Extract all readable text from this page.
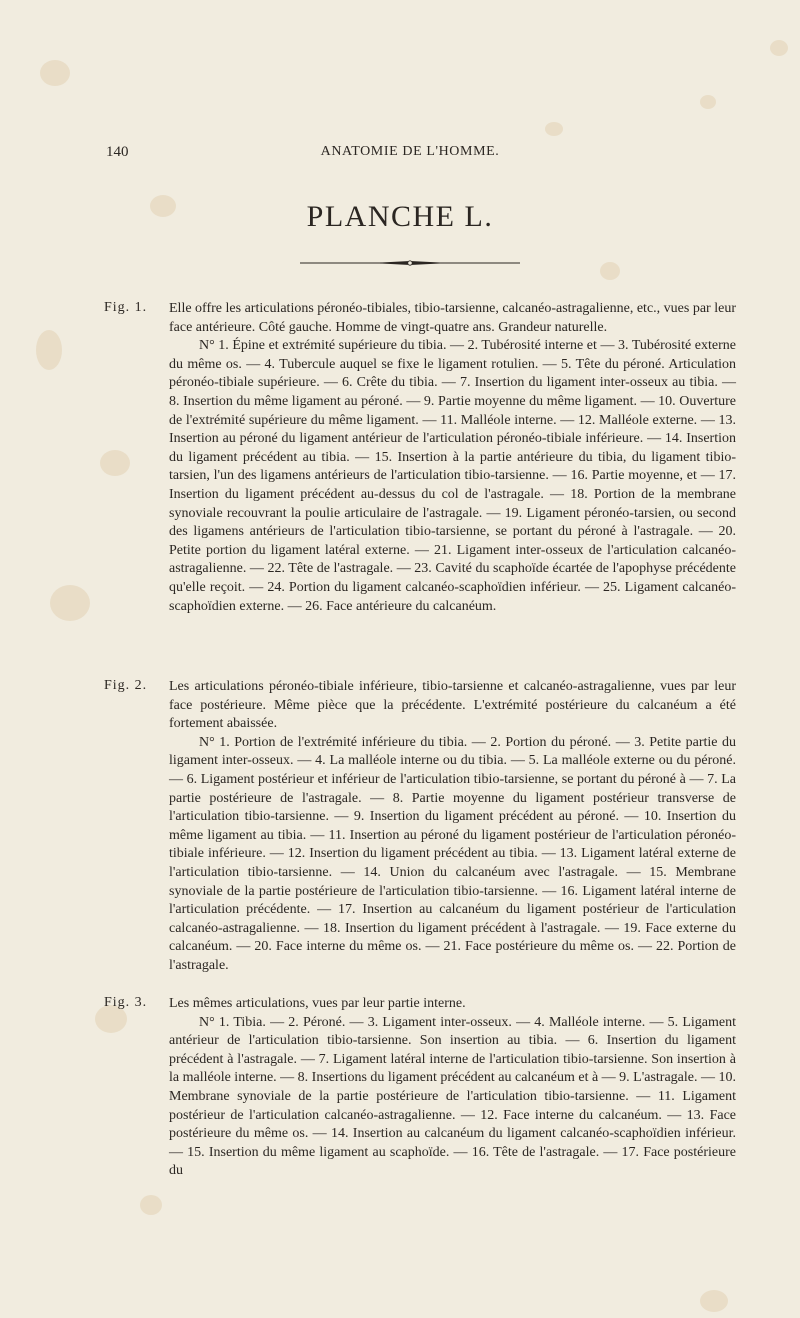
140	ANATOMIE DE L'HOMME.
PLANCHE L.
Fig. 1. Elle offre les articulations péronéo-tibiales, tibio-tarsienne, calcanéo-astragalienne, etc., vues par leur face antérieure. Côté gauche. Homme de vingt-quatre ans. Grandeur naturelle.

N° 1. Épine et extrémité supérieure du tibia. — 2. Tubérosité interne et — 3. Tubérosité externe du même os. — 4. Tubercule auquel se fixe le ligament rotulien. — 5. Tête du péroné. Articulation péronéo-tibiale supérieure. — 6. Crête du tibia. — 7. Insertion du ligament inter-osseux au tibia. — 8. Insertion du même ligament au péroné. — 9. Partie moyenne du même ligament. — 10. Ouverture de l'extrémité supérieure du même ligament. — 11. Malléole interne. — 12. Malléole externe. — 13. Insertion au péroné du ligament antérieur de l'articulation péronéo-tibiale inférieure. — 14. Insertion du ligament précédent au tibia. — 15. Insertion à la partie antérieure du tibia, du ligament tibio-tarsien, l'un des ligamens antérieurs de l'articulation tibio-tarsienne. — 16. Partie moyenne, et — 17. Insertion du ligament précédent au-dessus du col de l'astragale. — 18. Portion de la membrane synoviale recouvrant la poulie articulaire de l'astragale. — 19. Ligament péronéo-tarsien, ou second des ligamens antérieurs de l'articulation tibio-tarsienne, se portant du péroné à l'astragale. — 20. Petite portion du ligament latéral externe. — 21. Ligament inter-osseux de l'articulation calcanéo-astragalienne. — 22. Tête de l'astragale. — 23. Cavité du scaphoïde écartée de l'apophyse précédente qu'elle reçoit. — 24. Portion du ligament calcanéo-scaphoïdien inférieur. — 25. Ligament calcanéo-scaphoïdien externe. — 26. Face antérieure du calcanéum.

Fig. 2. Les articulations péronéo-tibiale inférieure, tibio-tarsienne et calcanéo-astragalienne, vues par leur face postérieure. Même pièce que la précédente. L'extrémité postérieure du calcanéum a été fortement abaissée.

N° 1. Portion de l'extrémité inférieure du tibia. — 2. Portion du péroné. — 3. Petite partie du ligament inter-osseux. — 4. La malléole interne ou du tibia. — 5. La malléole externe ou du péroné. — 6. Ligament postérieur et inférieur de l'articulation tibio-tarsienne, se portant du péroné à — 7. La partie postérieure de l'astragale. — 8. Partie moyenne du ligament postérieur transverse de l'articulation tibio-tarsienne. — 9. Insertion du ligament précédent au péroné. — 10. Insertion du même ligament au tibia. — 11. Insertion au péroné du ligament postérieur de l'articulation péronéo-tibiale inférieure. — 12. Insertion du ligament précédent au tibia. — 13. Ligament latéral externe de l'articulation tibio-tarsienne. — 14. Union du calcanéum avec l'astragale. — 15. Membrane synoviale de la partie postérieure de l'articulation tibio-tarsienne. — 16. Ligament latéral interne de l'articulation précédente. — 17. Insertion au calcanéum du ligament postérieur de l'articulation calcanéo-astragalienne. — 18. Insertion du ligament précédent à l'astragale. — 19. Face externe du calcanéum. — 20. Face interne du même os. — 21. Face postérieure du même os. — 22. Portion de l'astragale.

Fig. 3. Les mêmes articulations, vues par leur partie interne.

N° 1. Tibia. — 2. Péroné. — 3. Ligament inter-osseux. — 4. Malléole interne. — 5. Ligament antérieur de l'articulation tibio-tarsienne. Son insertion au tibia. — 6. Insertion du ligament précédent à l'astragale. — 7. Ligament latéral interne de l'articulation tibio-tarsienne. Son insertion à la malléole interne. — 8. Insertions du ligament précédent au calcanéum et à — 9. L'astragale. — 10. Membrane synoviale de la partie postérieure de l'articulation tibio-tarsienne. — 11. Ligament postérieur de l'articulation calcanéo-astragalienne. — 12. Face interne du calcanéum. — 13. Face postérieure du même os. — 14. Insertion au calcanéum du ligament calcanéo-scaphoïdien inférieur. — 15. Insertion du même ligament au scaphoïde. — 16. Tête de l'astragale. — 17. Face postérieure du
